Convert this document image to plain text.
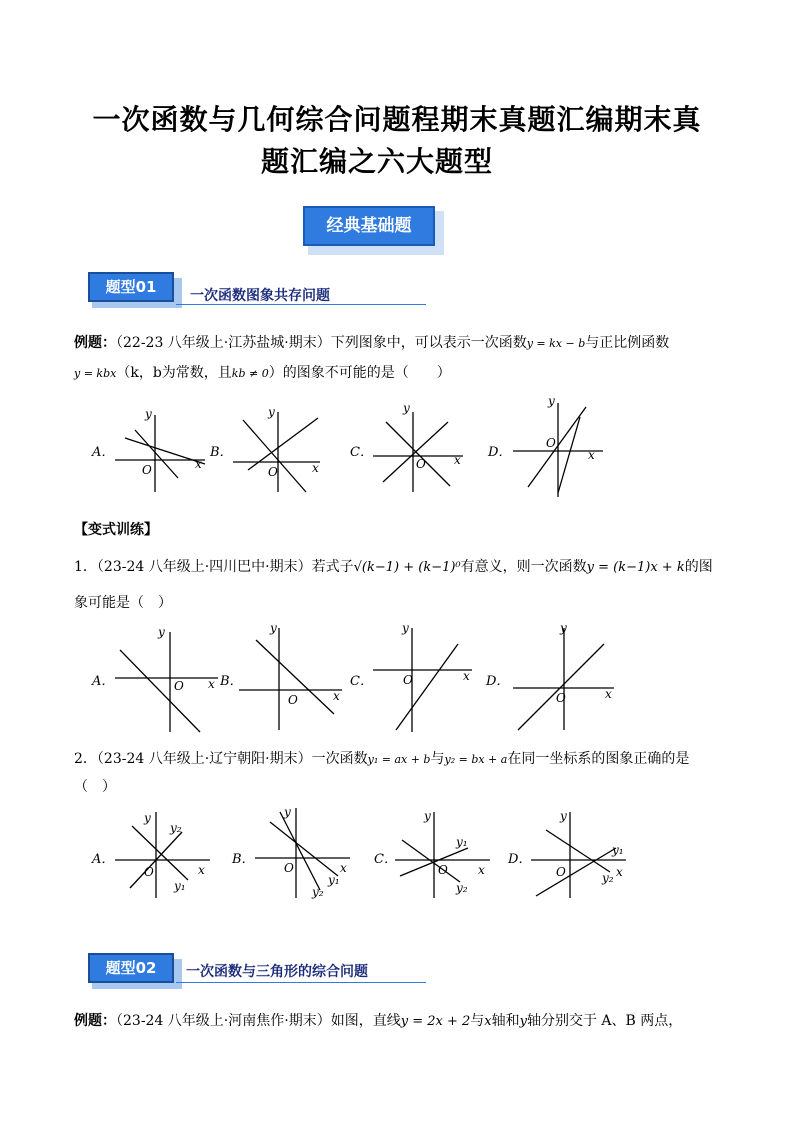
一次函数与几何综合问题程期末真题汇编期末真
题汇编之六大题型
经典基础题
题型01	一次函数图象共存问题
例题：（22-23 八年级上·江苏盐城·期末）下列图象中，可以表示一次函数y = kx − b与正比例函数
y = kbx（k，b为常数，且kb ≠ 0）的图象不可能的是（　　）
A．
O	x
y
B．
O	x
y
C．
O x
y
D．
O
x
y
【变式训练】
1．（23-24 八年级上·四川巴中·期末）若式子√(k−1) + (k−1)⁰有意义，则一次函数y = (k−1)x + k的图
象可能是（　）
A．	O x
y
B．
O	x
y
C．	O	x
y
D．
O	x
y
2．（23-24 八年级上·辽宁朝阳·期末）一次函数y₁ = ax + b与y₂ = bx + a在同一坐标系的图象正确的是
（　）
A．
O	x
y
y₂
y₁
B．
O	x
y
y₁
y₂
C．
O	x
y
y₁
y₂
D．
O	x
y
y₁
y₂
题型02	一次函数与三角形的综合问题
例题：（23-24 八年级上·河南焦作·期末）如图，直线y = 2x + 2与x轴和y轴分别交于 A、B 两点，
